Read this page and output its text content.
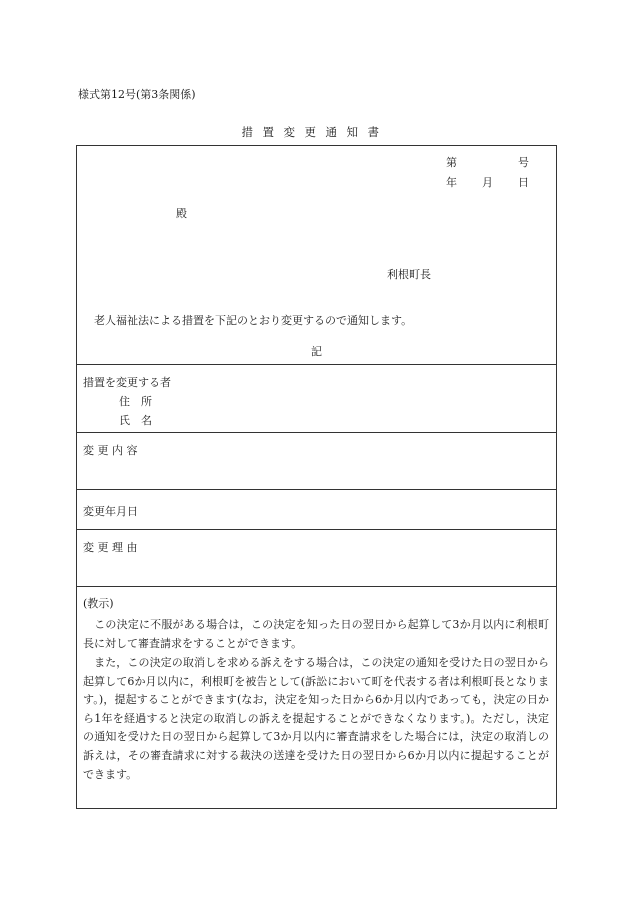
様式第12号(第3条関係)
措置変更通知書
第	号
年 月 日
殿
利根町長
老人福祉法による措置を下記のとおり変更するので通知します。
記
措置を変更する者
住　所
氏　名
変 更 内 容
変更年月日
変 更 理 由
(教示)
　この決定に不服がある場合は，この決定を知った日の翌日から起算して3か月以内に利根町長に対して審査請求をすることができます。
　また，この決定の取消しを求める訴えをする場合は，この決定の通知を受けた日の翌日から起算して6か月以内に，利根町を被告として(訴訟において町を代表する者は利根町長となります。)，提起することができます(なお，決定を知った日から6か月以内であっても，決定の日から1年を経過すると決定の取消しの訴えを提起することができなくなります。)。ただし，決定の通知を受けた日の翌日から起算して3か月以内に審査請求をした場合には，決定の取消しの訴えは，その審査請求に対する裁決の送達を受けた日の翌日から6か月以内に提起することができます。
